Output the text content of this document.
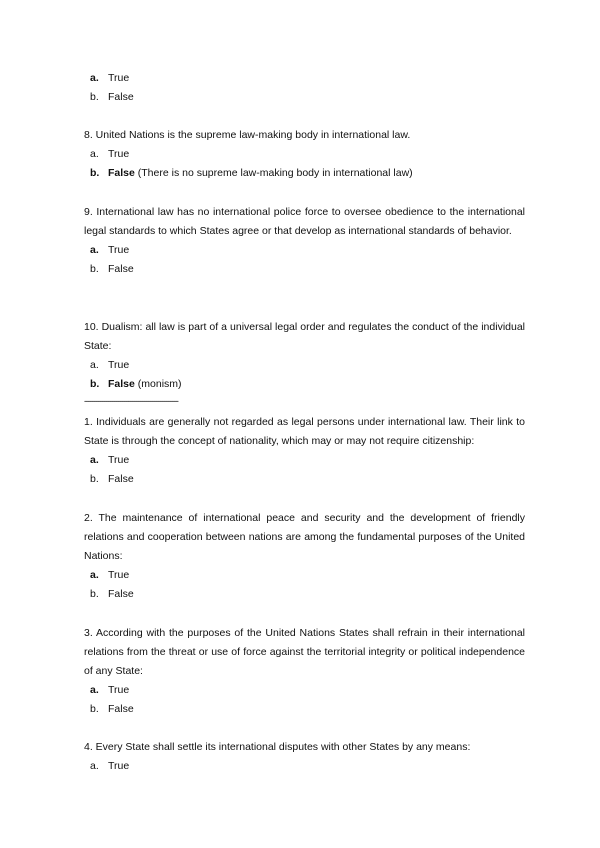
a. True
b. False

8. United Nations is the supreme law-making body in international law.

a. True
b. False (There is no supreme law-making body in international law)

9. International law has no international police force to oversee obedience to the international legal standards to which States agree or that develop as international standards of behavior.

a. True
b. False

10. Dualism: all law is part of a universal legal order and regulates the conduct of the individual State:

a. True
b. False (monism)
-----------------------------------------------

1. Individuals are generally not regarded as legal persons under international law. Their link to State is through the concept of nationality, which may or may not require citizenship:

a. True
b. False

2. The maintenance of international peace and security and the development of friendly relations and cooperation between nations are among the fundamental purposes of the United Nations:

a. True
b. False

3. According with the purposes of the United Nations States shall refrain in their international relations from the threat or use of force against the territorial integrity or political independence of any State:

a. True
b. False

4. Every State shall settle its international disputes with other States by any means:

a. True
